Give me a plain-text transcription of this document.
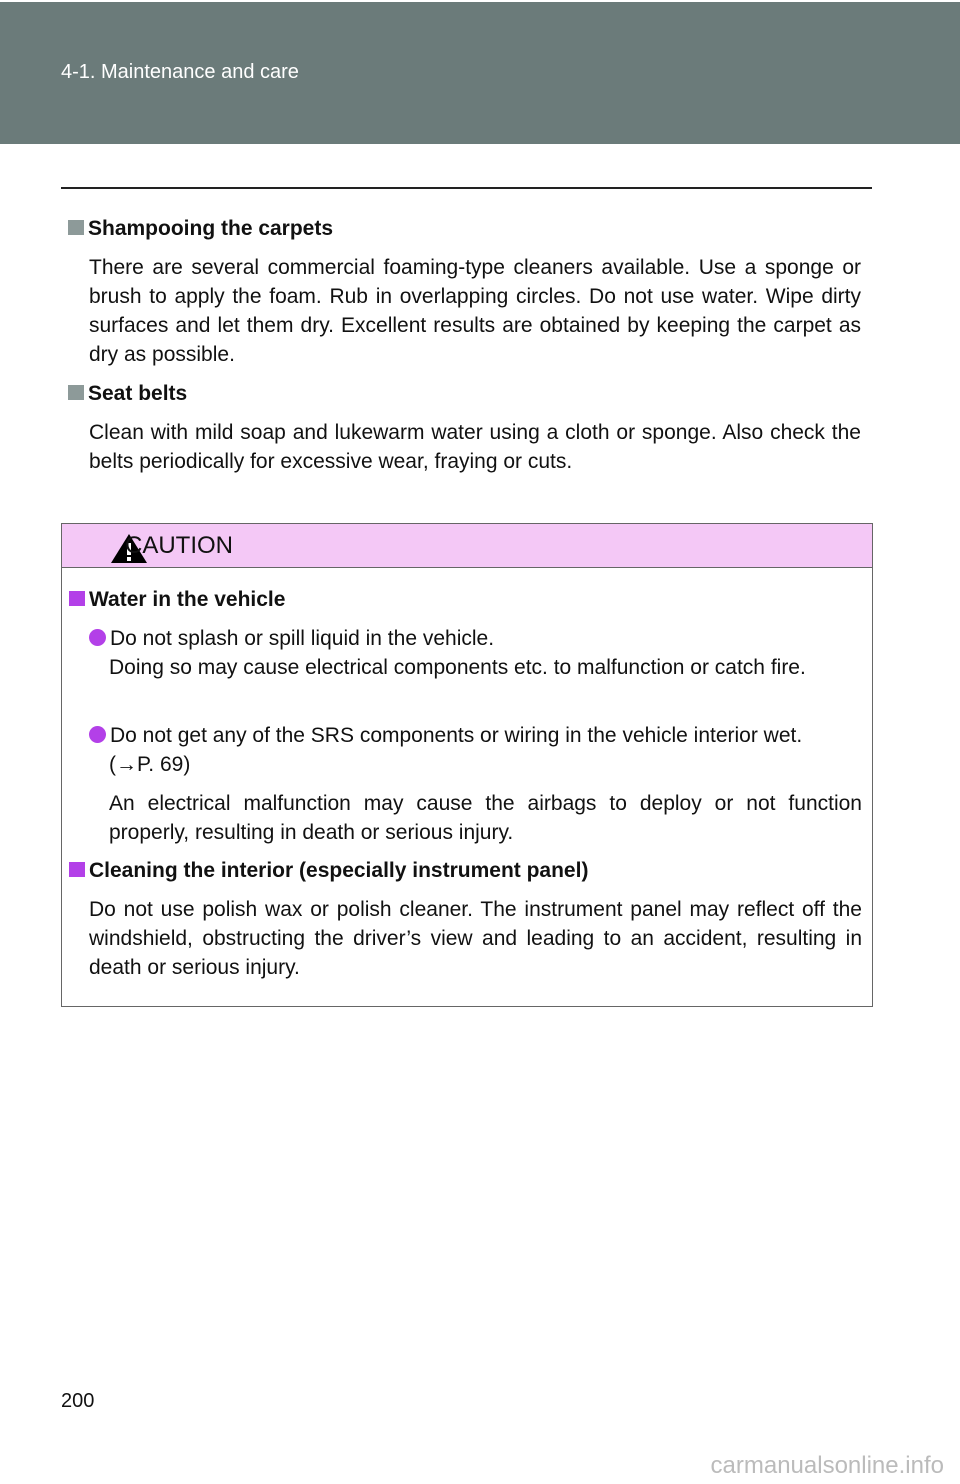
4-1. Maintenance and care
Shampooing the carpets
There are several commercial foaming-type cleaners available. Use a sponge or brush to apply the foam. Rub in overlapping circles. Do not use water. Wipe dirty surfaces and let them dry. Excellent results are obtained by keeping the carpet as dry as possible.
Seat belts
Clean with mild soap and lukewarm water using a cloth or sponge. Also check the belts periodically for excessive wear, fraying or cuts.
CAUTION
Water in the vehicle
Do not splash or spill liquid in the vehicle.
Doing so may cause electrical components etc. to malfunction or catch fire.
Do not get any of the SRS components or wiring in the vehicle interior wet.
(→P. 69)
An electrical malfunction may cause the airbags to deploy or not function properly, resulting in death or serious injury.
Cleaning the interior (especially instrument panel)
Do not use polish wax or polish cleaner. The instrument panel may reflect off the windshield, obstructing the driver’s view and leading to an accident, resulting in death or serious injury.
200
carmanualsonline.info
